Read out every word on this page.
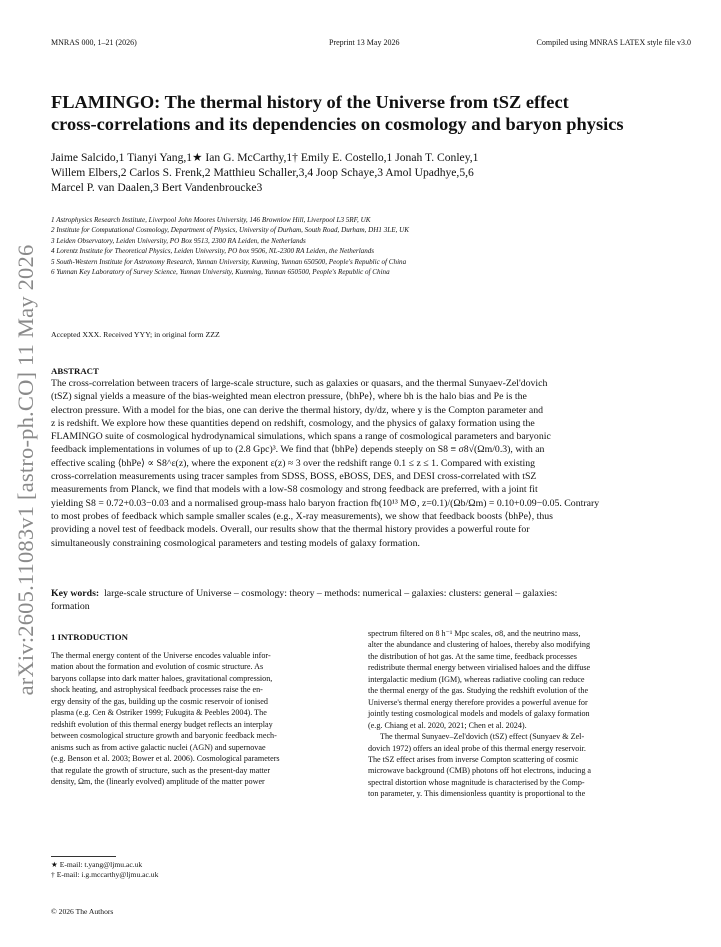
MNRAS 000, 1–21 (2026)	Preprint 13 May 2026	Compiled using MNRAS LATEX style file v3.0
arXiv:2605.11083v1 [astro-ph.CO] 11 May 2026
FLAMINGO: The thermal history of the Universe from tSZ effect
cross-correlations and its dependencies on cosmology and baryon physics
Jaime Salcido,1 Tianyi Yang,1★ Ian G. McCarthy,1† Emily E. Costello,1 Jonah T. Conley,1
Willem Elbers,2 Carlos S. Frenk,2 Matthieu Schaller,3,4 Joop Schaye,3 Amol Upadhye,5,6
Marcel P. van Daalen,3 Bert Vandenbroucke3
1 Astrophysics Research Institute, Liverpool John Moores University, 146 Brownlow Hill, Liverpool L3 5RF, UK
2 Institute for Computational Cosmology, Department of Physics, University of Durham, South Road, Durham, DH1 3LE, UK
3 Leiden Observatory, Leiden University, PO Box 9513, 2300 RA Leiden, the Netherlands
4 Lorentz Institute for Theoretical Physics, Leiden University, PO box 9506, NL-2300 RA Leiden, the Netherlands
5 South-Western Institute for Astronomy Research, Yunnan University, Kunming, Yunnan 650500, People's Republic of China
6 Yunnan Key Laboratory of Survey Science, Yunnan University, Kunming, Yunnan 650500, People's Republic of China
Accepted XXX. Received YYY; in original form ZZZ
ABSTRACT
The cross-correlation between tracers of large-scale structure, such as galaxies or quasars, and the thermal Sunyaev-Zel'dovich
(tSZ) signal yields a measure of the bias-weighted mean electron pressure, ⟨bhPe⟩, where bh is the halo bias and Pe is the
electron pressure. With a model for the bias, one can derive the thermal history, dy/dz, where y is the Compton parameter and
z is redshift. We explore how these quantities depend on redshift, cosmology, and the physics of galaxy formation using the
FLAMINGO suite of cosmological hydrodynamical simulations, which spans a range of cosmological parameters and baryonic
feedback implementations in volumes of up to (2.8 Gpc)³. We find that ⟨bhPe⟩ depends steeply on S8 ≡ σ8√(Ωm/0.3), with an
effective scaling ⟨bhPe⟩ ∝ S8^ε(z), where the exponent ε(z) ≈ 3 over the redshift range 0.1 ≤ z ≤ 1. Compared with existing
cross-correlation measurements using tracer samples from SDSS, BOSS, eBOSS, DES, and DESI cross-correlated with tSZ
measurements from Planck, we find that models with a low-S8 cosmology and strong feedback are preferred, with a joint fit
yielding S8 = 0.72+0.03−0.03 and a normalised group-mass halo baryon fraction fb(10¹³ M⊙, z=0.1)/(Ωb/Ωm) = 0.10+0.09−0.05. Contrary
to most probes of feedback which sample smaller scales (e.g., X-ray measurements), we show that feedback boosts ⟨bhPe⟩, thus
providing a novel test of feedback models. Overall, our results show that the thermal history provides a powerful route for
simultaneously constraining cosmological parameters and testing models of galaxy formation.
Key words: large-scale structure of Universe – cosmology: theory – methods: numerical – galaxies: clusters: general – galaxies:
formation
1 INTRODUCTION
The thermal energy content of the Universe encodes valuable infor-
mation about the formation and evolution of cosmic structure. As
baryons collapse into dark matter haloes, gravitational compression,
shock heating, and astrophysical feedback processes raise the en-
ergy density of the gas, building up the cosmic reservoir of ionised
plasma (e.g. Cen & Ostriker 1999; Fukugita & Peebles 2004). The
redshift evolution of this thermal energy budget reflects an interplay
between cosmological structure growth and baryonic feedback mech-
anisms such as from active galactic nuclei (AGN) and supernovae
(e.g. Benson et al. 2003; Bower et al. 2006). Cosmological parameters
that regulate the growth of structure, such as the present-day matter
density, Ωm, the (linearly evolved) amplitude of the matter power
spectrum filtered on 8 h⁻¹ Mpc scales, σ8, and the neutrino mass,
alter the abundance and clustering of haloes, thereby also modifying
the distribution of hot gas. At the same time, feedback processes
redistribute thermal energy between virialised haloes and the diffuse
intergalactic medium (IGM), whereas radiative cooling can reduce
the thermal energy of the gas. Studying the redshift evolution of the
Universe's thermal energy therefore provides a powerful avenue for
jointly testing cosmological models and models of galaxy formation
(e.g. Chiang et al. 2020, 2021; Chen et al. 2024).
The thermal Sunyaev–Zel'dovich (tSZ) effect (Sunyaev & Zel-
dovich 1972) offers an ideal probe of this thermal energy reservoir.
The tSZ effect arises from inverse Compton scattering of cosmic
microwave background (CMB) photons off hot electrons, inducing a
spectral distortion whose magnitude is characterised by the Comp-
ton parameter, y. This dimensionless quantity is proportional to the
★ E-mail: t.yang@ljmu.ac.uk
† E-mail: i.g.mccarthy@ljmu.ac.uk
© 2026 The Authors
